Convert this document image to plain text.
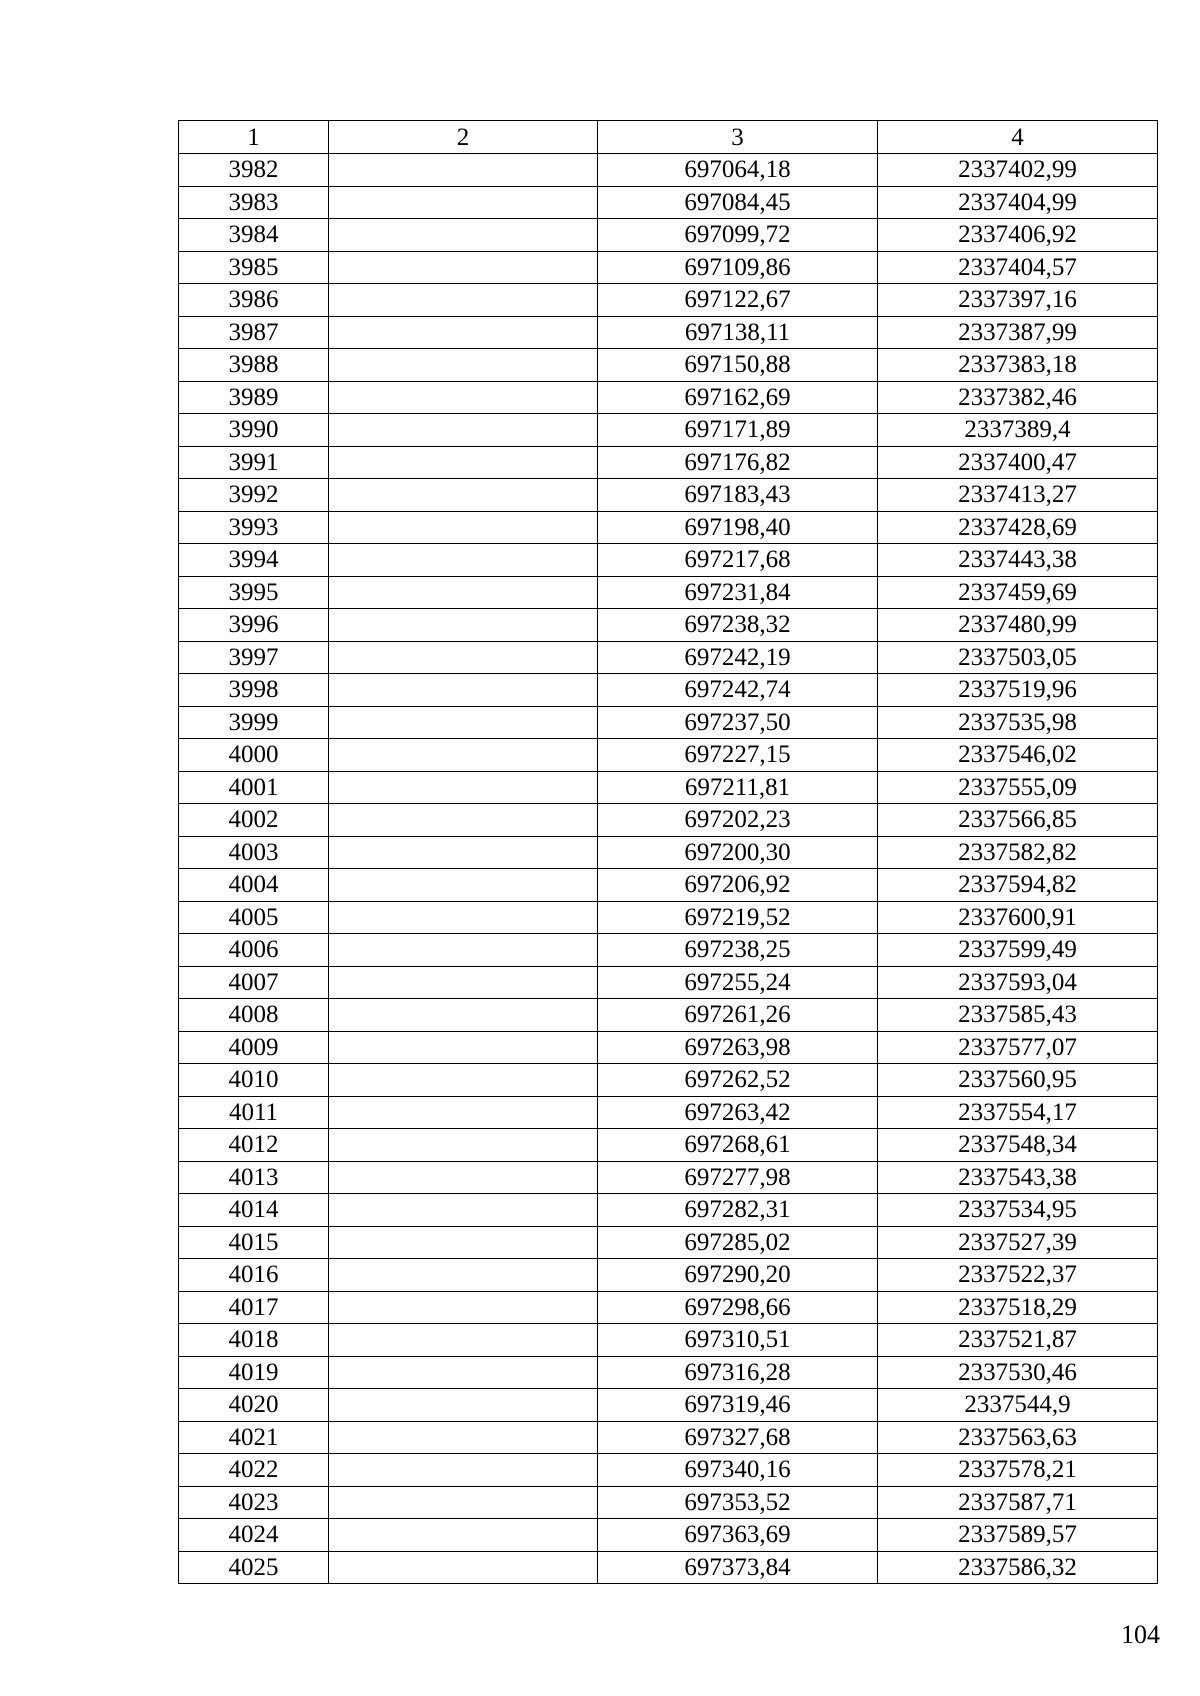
1	2	3	4
3982		697064,18	2337402,99
3983		697084,45	2337404,99
3984		697099,72	2337406,92
3985		697109,86	2337404,57
3986		697122,67	2337397,16
3987		697138,11	2337387,99
3988		697150,88	2337383,18
3989		697162,69	2337382,46
3990		697171,89	2337389,4
3991		697176,82	2337400,47
3992		697183,43	2337413,27
3993		697198,40	2337428,69
3994		697217,68	2337443,38
3995		697231,84	2337459,69
3996		697238,32	2337480,99
3997		697242,19	2337503,05
3998		697242,74	2337519,96
3999		697237,50	2337535,98
4000		697227,15	2337546,02
4001		697211,81	2337555,09
4002		697202,23	2337566,85
4003		697200,30	2337582,82
4004		697206,92	2337594,82
4005		697219,52	2337600,91
4006		697238,25	2337599,49
4007		697255,24	2337593,04
4008		697261,26	2337585,43
4009		697263,98	2337577,07
4010		697262,52	2337560,95
4011		697263,42	2337554,17
4012		697268,61	2337548,34
4013		697277,98	2337543,38
4014		697282,31	2337534,95
4015		697285,02	2337527,39
4016		697290,20	2337522,37
4017		697298,66	2337518,29
4018		697310,51	2337521,87
4019		697316,28	2337530,46
4020		697319,46	2337544,9
4021		697327,68	2337563,63
4022		697340,16	2337578,21
4023		697353,52	2337587,71
4024		697363,69	2337589,57
4025		697373,84	2337586,32
104
